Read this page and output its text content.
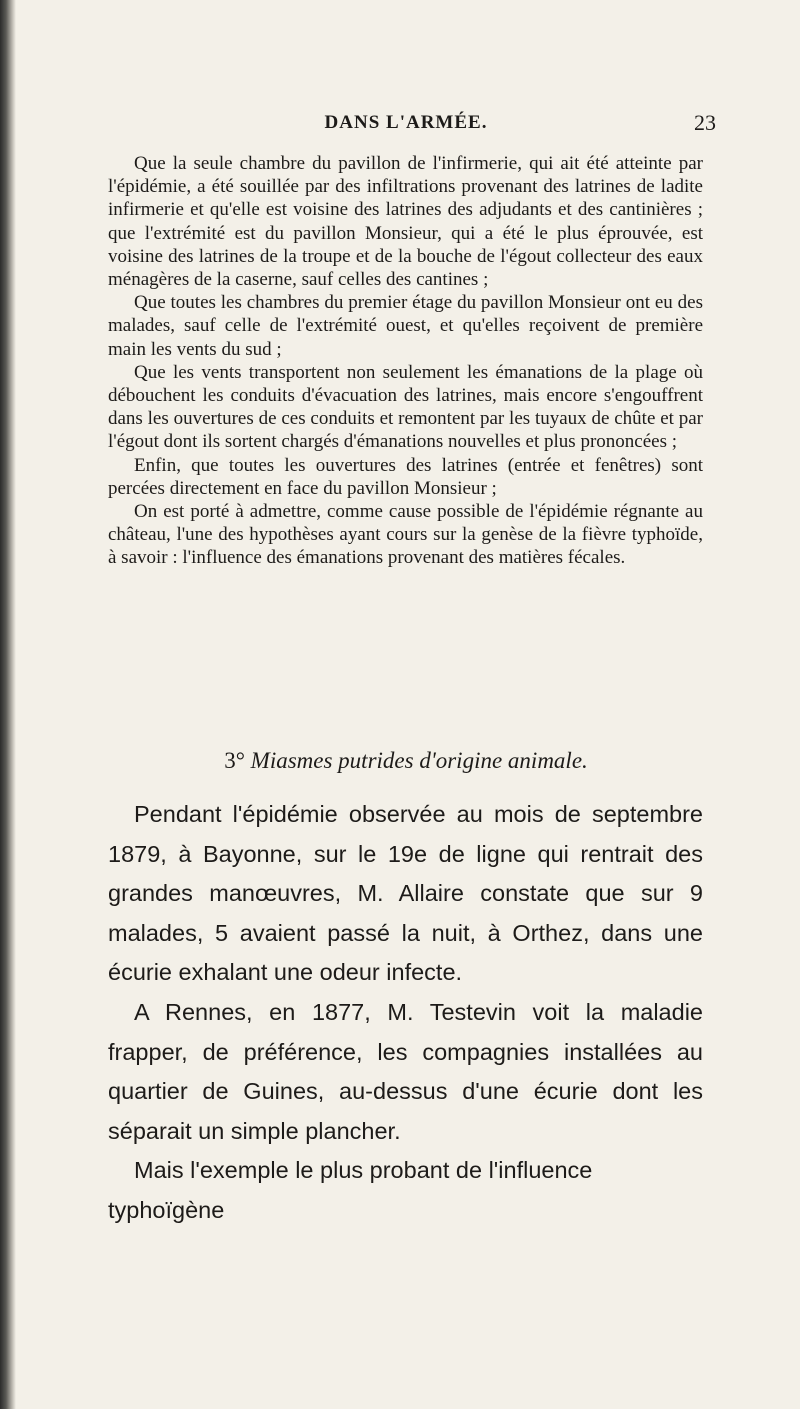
DANS L'ARMÉE.	23

Que la seule chambre du pavillon de l'infirmerie, qui ait été atteinte par l'épidémie, a été souillée par des infiltrations provenant des latrines de ladite infirmerie et qu'elle est voisine des latrines des adjudants et des cantinières ; que l'extrémité est du pavillon Monsieur, qui a été le plus éprouvée, est voisine des latrines de la troupe et de la bouche de l'égout collecteur des eaux ménagères de la caserne, sauf celles des cantines ;

Que toutes les chambres du premier étage du pavillon Monsieur ont eu des malades, sauf celle de l'extrémité ouest, et qu'elles reçoivent de première main les vents du sud ;

Que les vents transportent non seulement les émanations de la plage où débouchent les conduits d'évacuation des latrines, mais encore s'engouffrent dans les ouvertures de ces conduits et remontent par les tuyaux de chûte et par l'égout dont ils sortent chargés d'émanations nouvelles et plus prononcées ;

Enfin, que toutes les ouvertures des latrines (entrée et fenêtres) sont percées directement en face du pavillon Monsieur ;

On est porté à admettre, comme cause possible de l'épidémie régnante au château, l'une des hypothèses ayant cours sur la genèse de la fièvre typhoïde, à savoir : l'influence des émanations provenant des matières fécales.

3° Miasmes putrides d'origine animale.

Pendant l'épidémie observée au mois de septembre 1879, à Bayonne, sur le 19e de ligne qui rentrait des grandes manœuvres, M. Allaire constate que sur 9 malades, 5 avaient passé la nuit, à Orthez, dans une écurie exhalant une odeur infecte.

A Rennes, en 1877, M. Testevin voit la maladie frapper, de préférence, les compagnies installées au quartier de Guines, au-dessus d'une écurie dont les séparait un simple plancher.

Mais l'exemple le plus probant de l'influence typhoïgène
